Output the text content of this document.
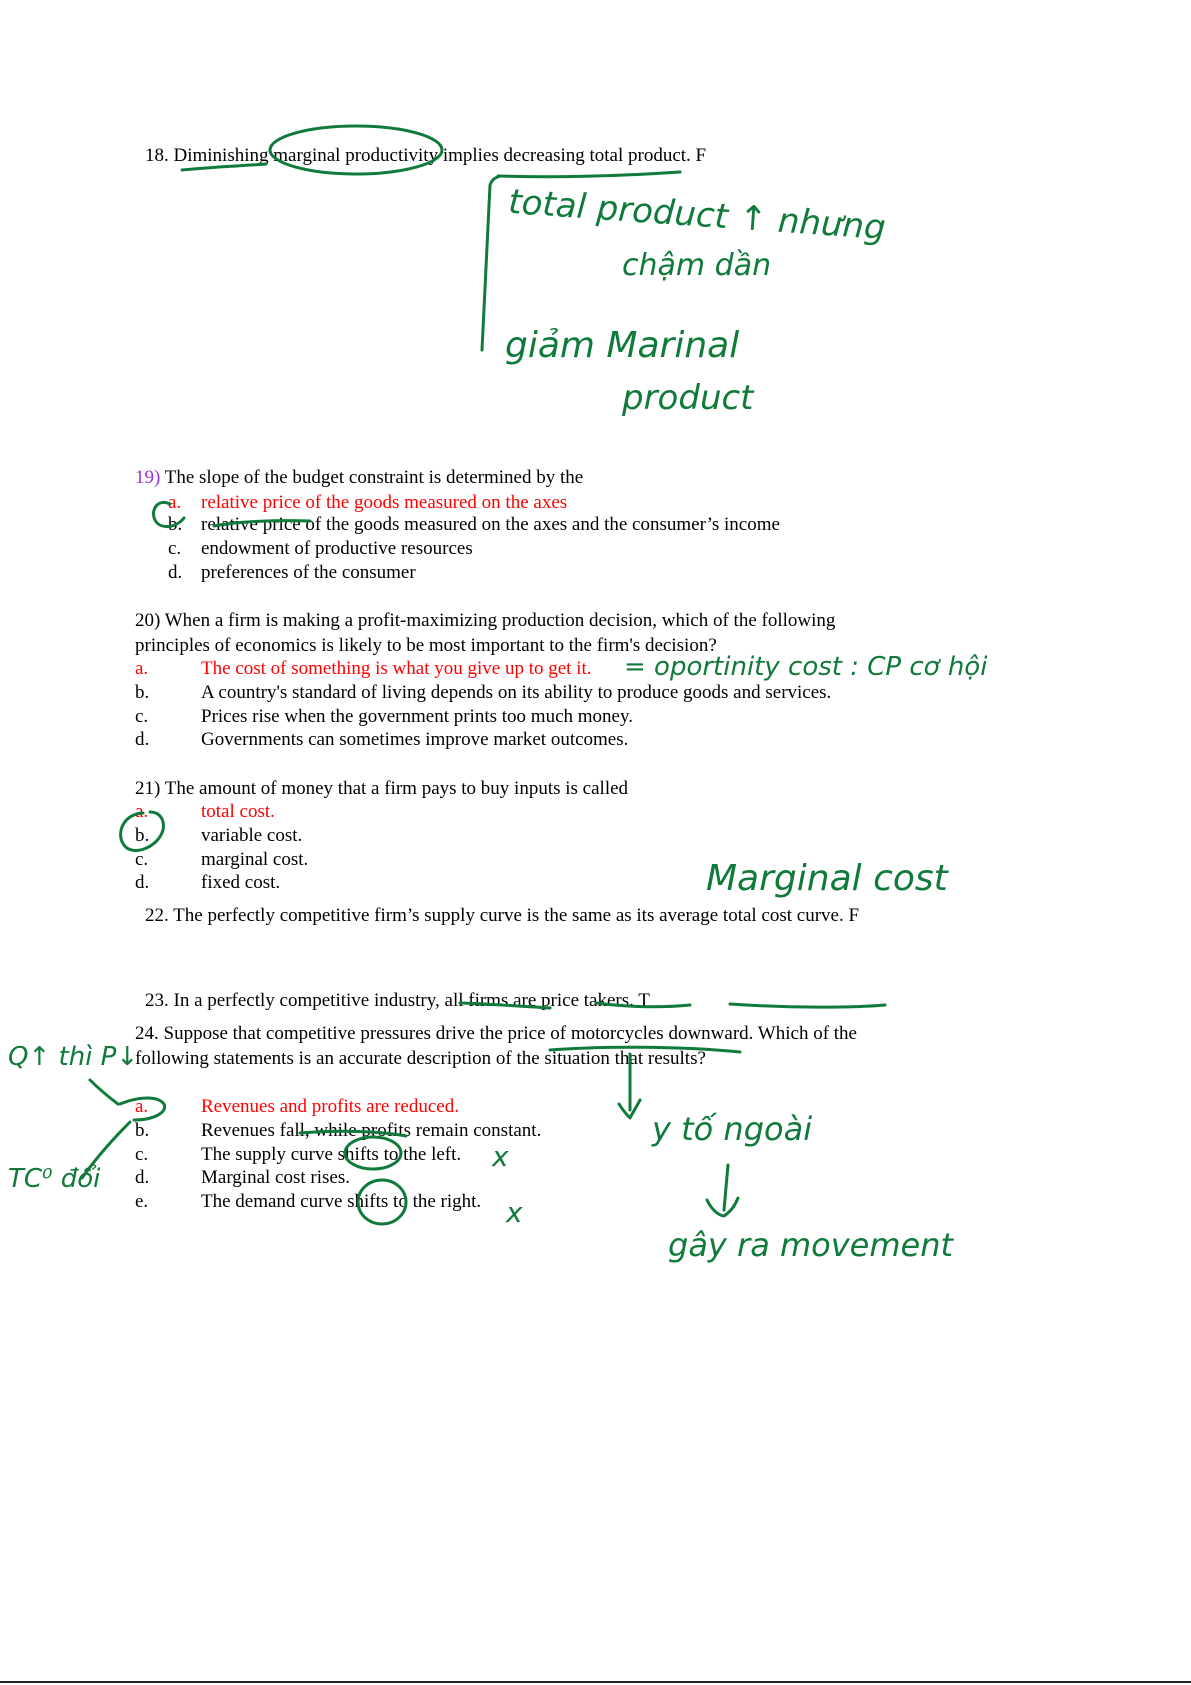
18. Diminishing marginal productivity implies decreasing total product. F
19) The slope of the budget constraint is determined by the
a. relative price of the goods measured on the axes
b. relative price of the goods measured on the axes and the consumer’s income
c. endowment of productive resources
d. preferences of the consumer
20) When a firm is making a profit-maximizing production decision, which of the following
principles of economics is likely to be most important to the firm's decision?
a.	The cost of something is what you give up to get it.
b.	A country's standard of living depends on its ability to produce goods and services.
c.	Prices rise when the government prints too much money.
d.	Governments can sometimes improve market outcomes.
21) The amount of money that a firm pays to buy inputs is called
a.	total cost.
b.	variable cost.
c.	marginal cost.
d.	fixed cost.
22. The perfectly competitive firm’s supply curve is the same as its average total cost curve. F
23. In a perfectly competitive industry, all firms are price takers. T
24. Suppose that competitive pressures drive the price of motorcycles downward. Which of the
following statements is an accurate description of the situation that results?
a.	Revenues and profits are reduced.
b.	Revenues fall, while profits remain constant.
c.	The supply curve shifts to the left.
d.	Marginal cost rises.
e.	The demand curve shifts to the right.
total product ↑ nhưng
chậm dần
giảm Marinal
product
= oportinity cost : CP cơ hội
Marginal cost
Q↑ thì P↓
TC⁰ đổi
y tố ngoài
gây ra movement
x
x
